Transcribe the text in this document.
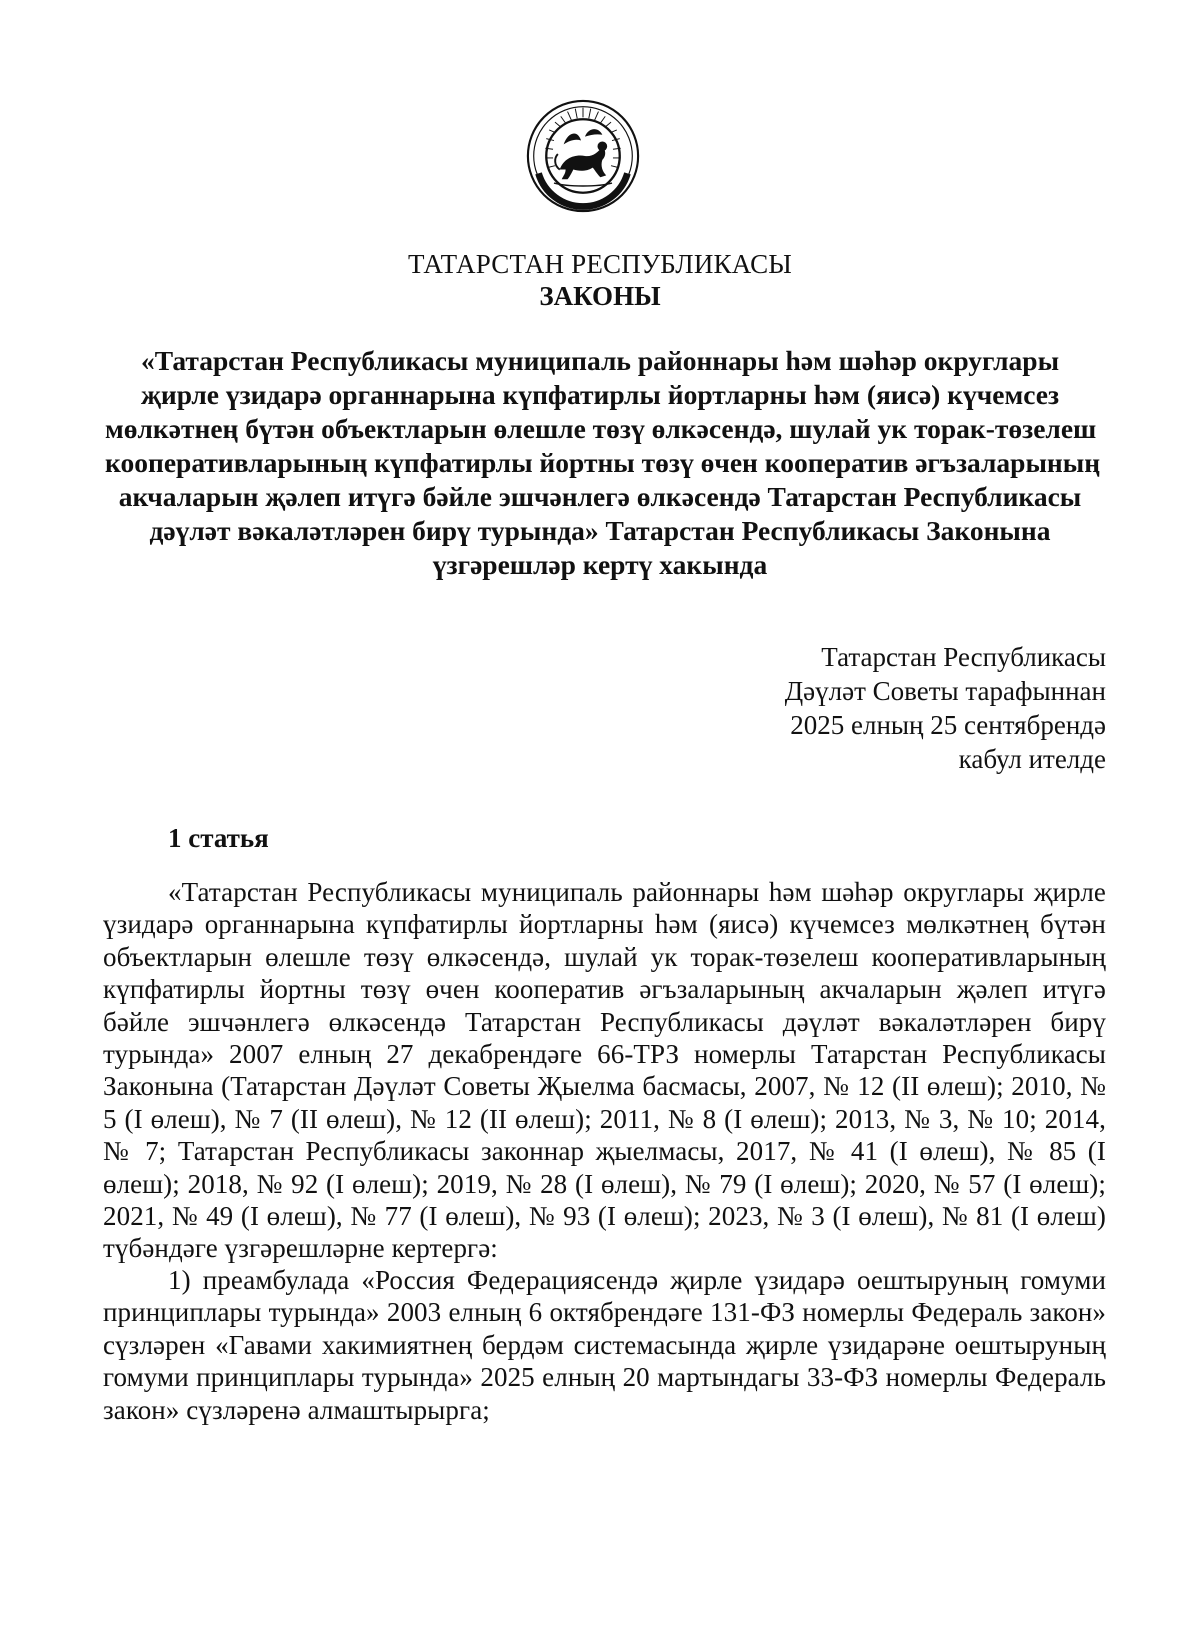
ТАТАРСТАН РЕСПУБЛИКАСЫ
ЗАКОНЫ
«Татарстан Республикасы муниципаль районнары һәм шәһәр округлары
җирле үзидарә органнарына күпфатирлы йортларны һәм (яисә) күчемсез
мөлкәтнең бүтән объектларын өлешле төзү өлкәсендә, шулай ук торак-төзелеш
кооперативларының күпфатирлы йортны төзү өчен кооператив әгъзаларының
акчаларын җәлеп итүгә бәйле эшчәнлегә өлкәсендә Татарстан Республикасы
дәүләт вәкаләтләрен бирү турында» Татарстан Республикасы Законына
үзгәрешләр кертү хакында
Татарстан Республикасы
Дәүләт Советы тарафыннан
2025 елның 25 сентябрендә
кабул ителде
1 статья
«Татарстан Республикасы муниципаль районнары һәм шәһәр округлары җирле үзидарә органнарына күпфатирлы йортларны һәм (яисә) күчемсез мөлкәтнең бүтән объектларын өлешле төзү өлкәсендә, шулай ук торак-төзелеш кооперативларының күпфатирлы йортны төзү өчен кооператив әгъзаларының акчаларын җәлеп итүгә бәйле эшчәнлегә өлкәсендә Татарстан Республикасы дәүләт вәкаләтләрен бирү турында» 2007 елның 27 декабрендәге 66-ТРЗ номерлы Татарстан Республикасы Законына (Татарстан Дәүләт Советы Җыелма басмасы, 2007, № 12 (II өлеш); 2010, № 5 (I өлеш), № 7 (II өлеш), № 12 (II өлеш); 2011, № 8 (I өлеш); 2013, № 3, № 10; 2014, № 7; Татарстан Республикасы законнар җыелмасы, 2017, № 41 (I өлеш), № 85 (I өлеш); 2018, № 92 (I өлеш); 2019, № 28 (I өлеш), № 79 (I өлеш); 2020, № 57 (I өлеш); 2021, № 49 (I өлеш), № 77 (I өлеш), № 93 (I өлеш); 2023, № 3 (I өлеш), № 81 (I өлеш) түбәндәге үзгәрешләрне кертергә:
1) преамбулада «Россия Федерациясендә җирле үзидарә оештыруның гомуми принциплары турында» 2003 елның 6 октябрендәге 131-ФЗ номерлы Федераль закон» сүзләрен «Гавами хакимиятнең бердәм системасында җирле үзидарәне оештыруның гомуми принциплары турында» 2025 елның 20 мартындагы 33-ФЗ номерлы Федераль закон» сүзләренә алмаштырырга;
